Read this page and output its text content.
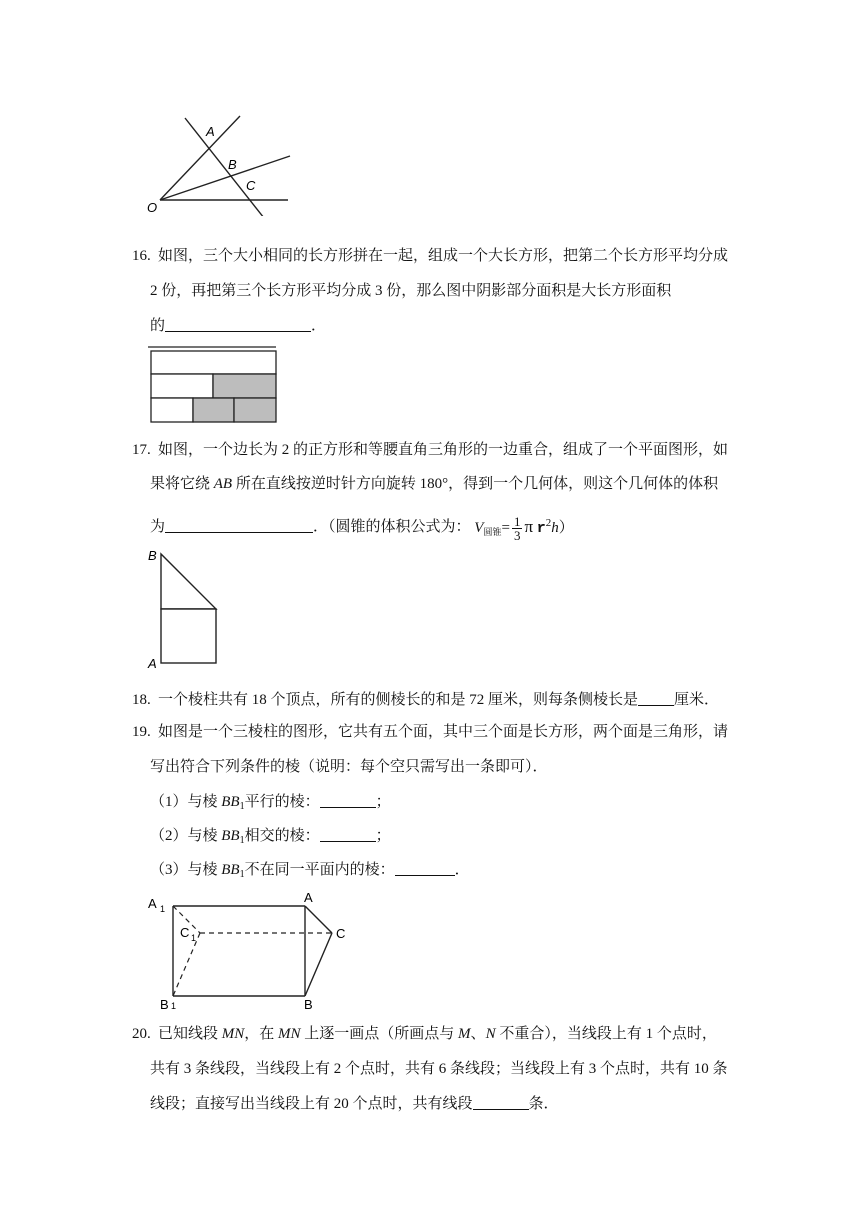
A
B
C
O
16. 如图，三个大小相同的长方形拼在一起，组成一个大长方形，把第二个长方形平均分成
2 份，再把第三个长方形平均分成 3 份，那么图中阴影部分面积是大长方形面积
的	．
17. 如图，一个边长为 2 的正方形和等腰直角三角形的一边重合，组成了一个平面图形，如
果将它绕 AB 所在直线按逆时针方向旋转 180°，得到一个几何体，则这个几何体的体积
为	．（圆锥的体积公式为： $V_{圆锥}= \frac{1}{3}$ π $r^2h$）
B
A
18. 一个棱柱共有 18 个顶点，所有的侧棱长的和是 72 厘米，则每条侧棱长是 厘米．
19. 如图是一个三棱柱的图形，它共有五个面，其中三个面是长方形，两个面是三角形，请
写出符合下列条件的棱（说明：每个空只需写出一条即可）．
（1）与棱 $BB_1$平行的棱：	；
（2）与棱 $BB_1$相交的棱：	；
（3）与棱 $BB_1$不在同一平面内的棱：	．
A 1
A
C 1	C
B 1	B
20. 已知线段 MN，在 MN 上逐一画点（所画点与 M、N 不重合），当线段上有 1 个点时，
共有 3 条线段，当线段上有 2 个点时，共有 6 条线段；当线段上有 3 个点时，共有 10 条
线段；直接写出当线段上有 20 个点时，共有线段	条．
